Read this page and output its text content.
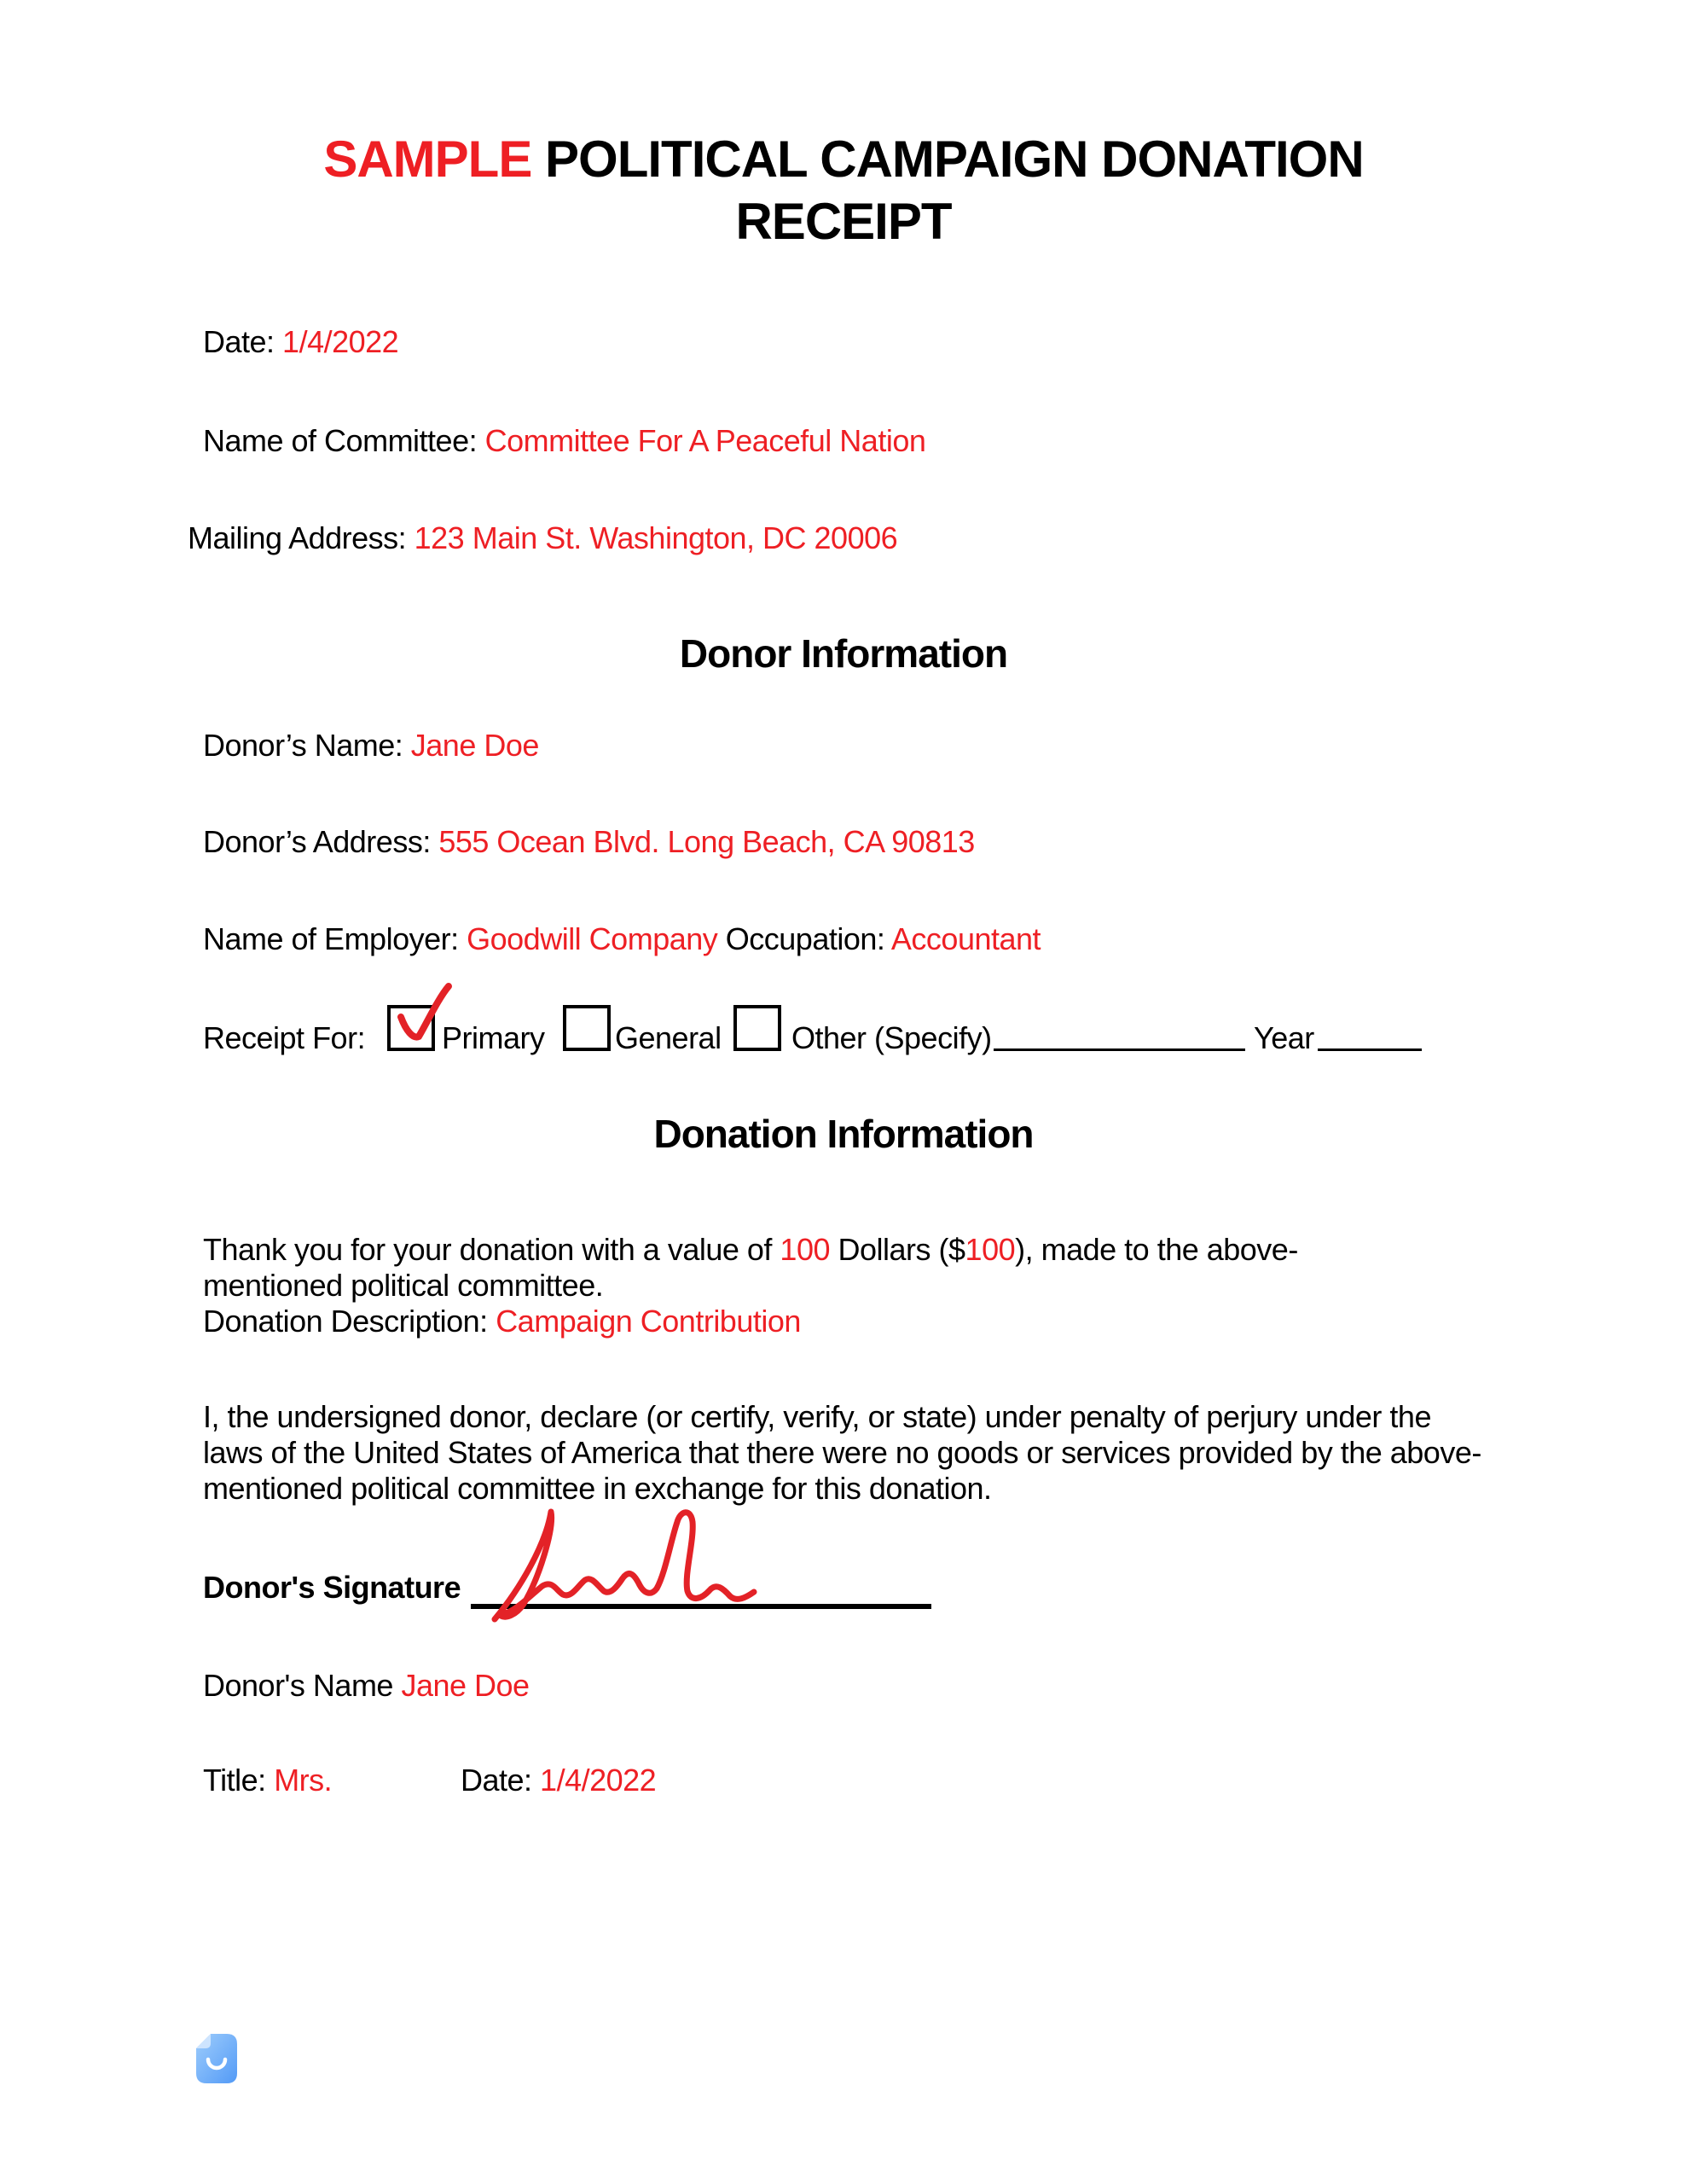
SAMPLE POLITICAL CAMPAIGN DONATION RECEIPT
Date: 1/4/2022
Name of Committee: Committee For A Peaceful Nation
Mailing Address: 123 Main St. Washington, DC 20006
Donor Information
Donor’s Name: Jane Doe
Donor’s Address: 555 Ocean Blvd. Long Beach, CA 90813
Name of Employer: Goodwill Company Occupation: Accountant
Receipt For: Primary General Other (Specify)	Year
Donation Information
Thank you for your donation with a value of 100 Dollars ($100), made to the above-mentioned political committee.
Donation Description: Campaign Contribution
I, the undersigned donor, declare (or certify, verify, or state) under penalty of perjury under the laws of the United States of America that there were no goods or services provided by the above-mentioned political committee in exchange for this donation.
Donor's Signature
Donor's Name Jane Doe
Title: Mrs.	Date: 1/4/2022
